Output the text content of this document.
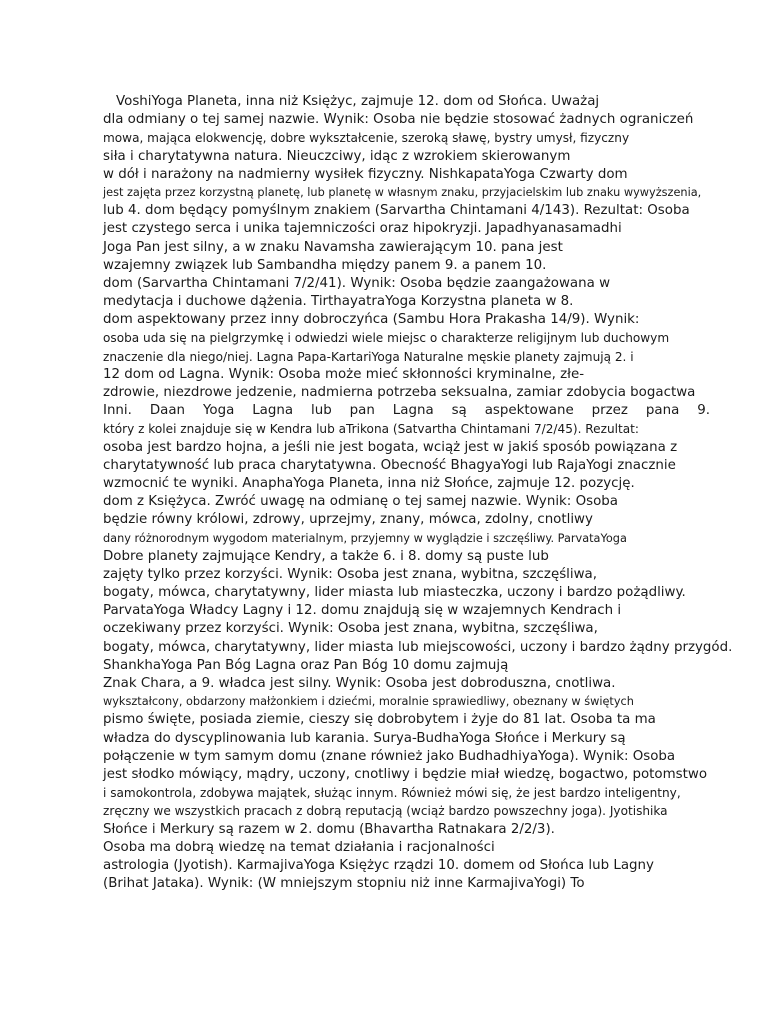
VoshiYoga Planeta, inna niż Księżyc, zajmuje 12. dom od Słońca. Uważaj
dla odmiany o tej samej nazwie. Wynik: Osoba nie będzie stosować żadnych ograniczeń
mowa, mająca elokwencję, dobre wykształcenie, szeroką sławę, bystry umysł, fizyczny
siła i charytatywna natura. Nieuczciwy, idąc z wzrokiem skierowanym
w dół i narażony na nadmierny wysiłek fizyczny. NishkapataYoga Czwarty dom
jest zajęta przez korzystną planetę, lub planetę w własnym znaku, przyjacielskim lub znaku wywyższenia,
lub 4. dom będący pomyślnym znakiem (Sarvartha Chintamani 4/143). Rezultat: Osoba
jest czystego serca i unika tajemniczości oraz hipokryzji. Japadhyanasamadhi
Joga Pan jest silny, a w znaku Navamsha zawierającym 10. pana jest
wzajemny związek lub Sambandha między panem 9. a panem 10.
dom (Sarvartha Chintamani 7/2/41). Wynik: Osoba będzie zaangażowana w
medytacja i duchowe dążenia. TirthayatraYoga Korzystna planeta w 8.
dom aspektowany przez inny dobroczyńca (Sambu Hora Prakasha 14/9). Wynik:
osoba uda się na pielgrzymkę i odwiedzi wiele miejsc o charakterze religijnym lub duchowym
znaczenie dla niego/niej. Lagna Papa-KartariYoga Naturalne męskie planety zajmują 2. i
12 dom od Lagna. Wynik: Osoba może mieć skłonności kryminalne, złe-
zdrowie, niezdrowe jedzenie, nadmierna potrzeba seksualna, zamiar zdobycia bogactwa
Inni. Daan Yoga Lagna lub pan Lagna są aspektowane przez pana 9.
który z kolei znajduje się w Kendra lub aTrikona (Satvartha Chintamani 7/2/45). Rezultat:
osoba jest bardzo hojna, a jeśli nie jest bogata, wciąż jest w jakiś sposób powiązana z
charytatywność lub praca charytatywna. Obecność BhagyaYogi lub RajaYogi znacznie
wzmocnić te wyniki. AnaphaYoga Planeta, inna niż Słońce, zajmuje 12. pozycję.
dom z Księżyca. Zwróć uwagę na odmianę o tej samej nazwie. Wynik: Osoba
będzie równy królowi, zdrowy, uprzejmy, znany, mówca, zdolny, cnotliwy
dany różnorodnym wygodom materialnym, przyjemny w wyglądzie i szczęśliwy. ParvataYoga
Dobre planety zajmujące Kendry, a także 6. i 8. domy są puste lub
zajęty tylko przez korzyści. Wynik: Osoba jest znana, wybitna, szczęśliwa,
bogaty, mówca, charytatywny, lider miasta lub miasteczka, uczony i bardzo pożądliwy.
ParvataYoga Władcy Lagny i 12. domu znajdują się w wzajemnych Kendrach i
oczekiwany przez korzyści. Wynik: Osoba jest znana, wybitna, szczęśliwa,
bogaty, mówca, charytatywny, lider miasta lub miejscowości, uczony i bardzo żądny przygód.
ShankhaYoga Pan Bóg Lagna oraz Pan Bóg 10 domu zajmują
Znak Chara, a 9. władca jest silny. Wynik: Osoba jest dobroduszna, cnotliwa.
wykształcony, obdarzony małżonkiem i dziećmi, moralnie sprawiedliwy, obeznany w świętych
pismo święte, posiada ziemie, cieszy się dobrobytem i żyje do 81 lat. Osoba ta ma
władza do dyscyplinowania lub karania. Surya-BudhaYoga Słońce i Merkury są
połączenie w tym samym domu (znane również jako BudhadhiyaYoga). Wynik: Osoba
jest słodko mówiący, mądry, uczony, cnotliwy i będzie miał wiedzę, bogactwo, potomstwo
i samokontrola, zdobywa majątek, służąc innym. Również mówi się, że jest bardzo inteligentny,
zręczny we wszystkich pracach z dobrą reputacją (wciąż bardzo powszechny joga). Jyotishika
Słońce i Merkury są razem w 2. domu (Bhavartha Ratnakara 2/2/3).
Osoba ma dobrą wiedzę na temat działania i racjonalności
astrologia (Jyotish). KarmajivaYoga Księżyc rządzi 10. domem od Słońca lub Lagny
(Brihat Jataka). Wynik: (W mniejszym stopniu niż inne KarmajivaYogi) To
